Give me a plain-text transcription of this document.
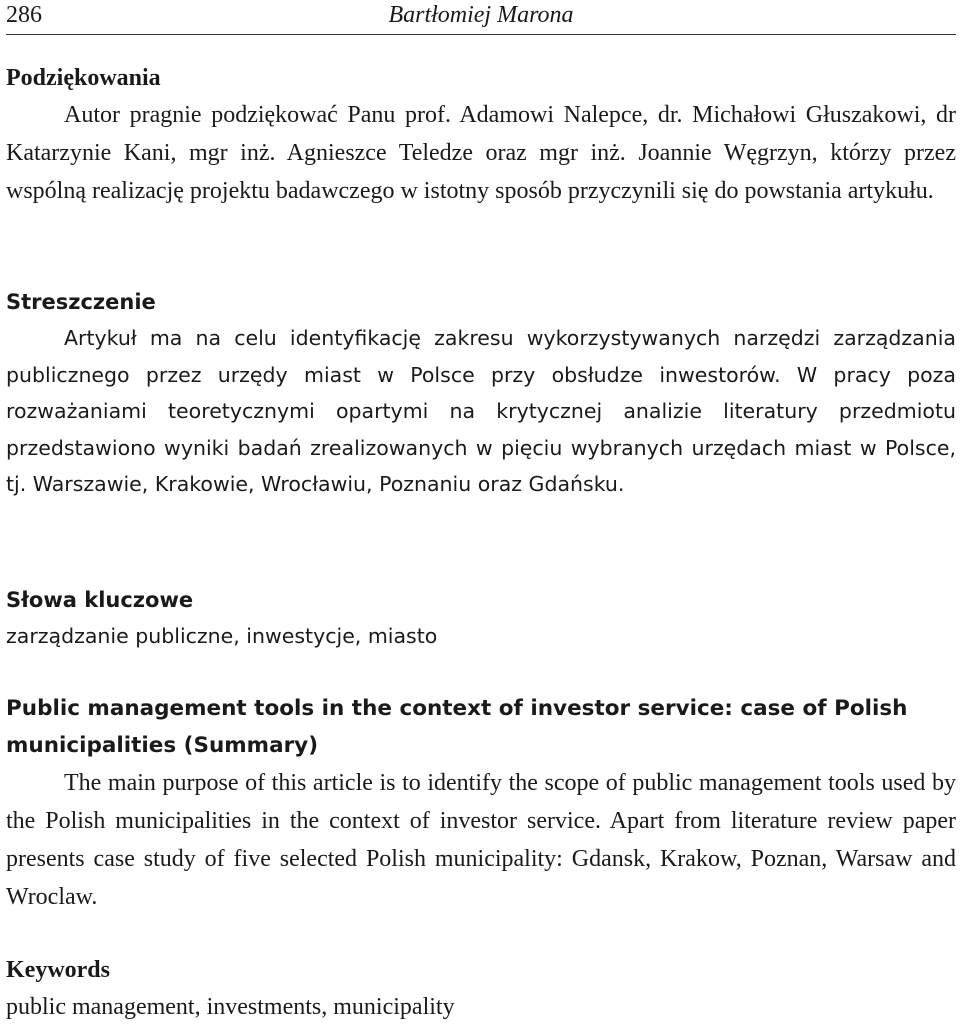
286	Bartłomiej Marona
Podziękowania

Autor pragnie podziękować Panu prof. Adamowi Nalepce, dr. Michałowi Głuszakowi, dr Katarzynie Kani, mgr inż. Agnieszce Teledze oraz mgr inż. Joannie Węgrzyn, którzy przez wspólną realizację projektu badawczego w istotny sposób przyczynili się do powstania artykułu.

Streszczenie

Artykuł ma na celu identyfikację zakresu wykorzystywanych narzędzi zarządzania publicznego przez urzędy miast w Polsce przy obsłudze inwestorów. W pracy poza rozważaniami teoretycznymi opartymi na krytycznej analizie literatury przedmiotu przedstawiono wyniki badań zrealizowanych w pięciu wybranych urzędach miast w Polsce, tj. Warszawie, Krakowie, Wrocławiu, Poznaniu oraz Gdańsku.

Słowa kluczowe

zarządzanie publiczne, inwestycje, miasto

Public management tools in the context of investor service: case of Polish municipalities (Summary)

The main purpose of this article is to identify the scope of public management tools used by the Polish municipalities in the context of investor service. Apart from literature review paper presents case study of five selected Polish municipality: Gdansk, Krakow, Poznan, Warsaw and Wroclaw.

Keywords

public management, investments, municipality
